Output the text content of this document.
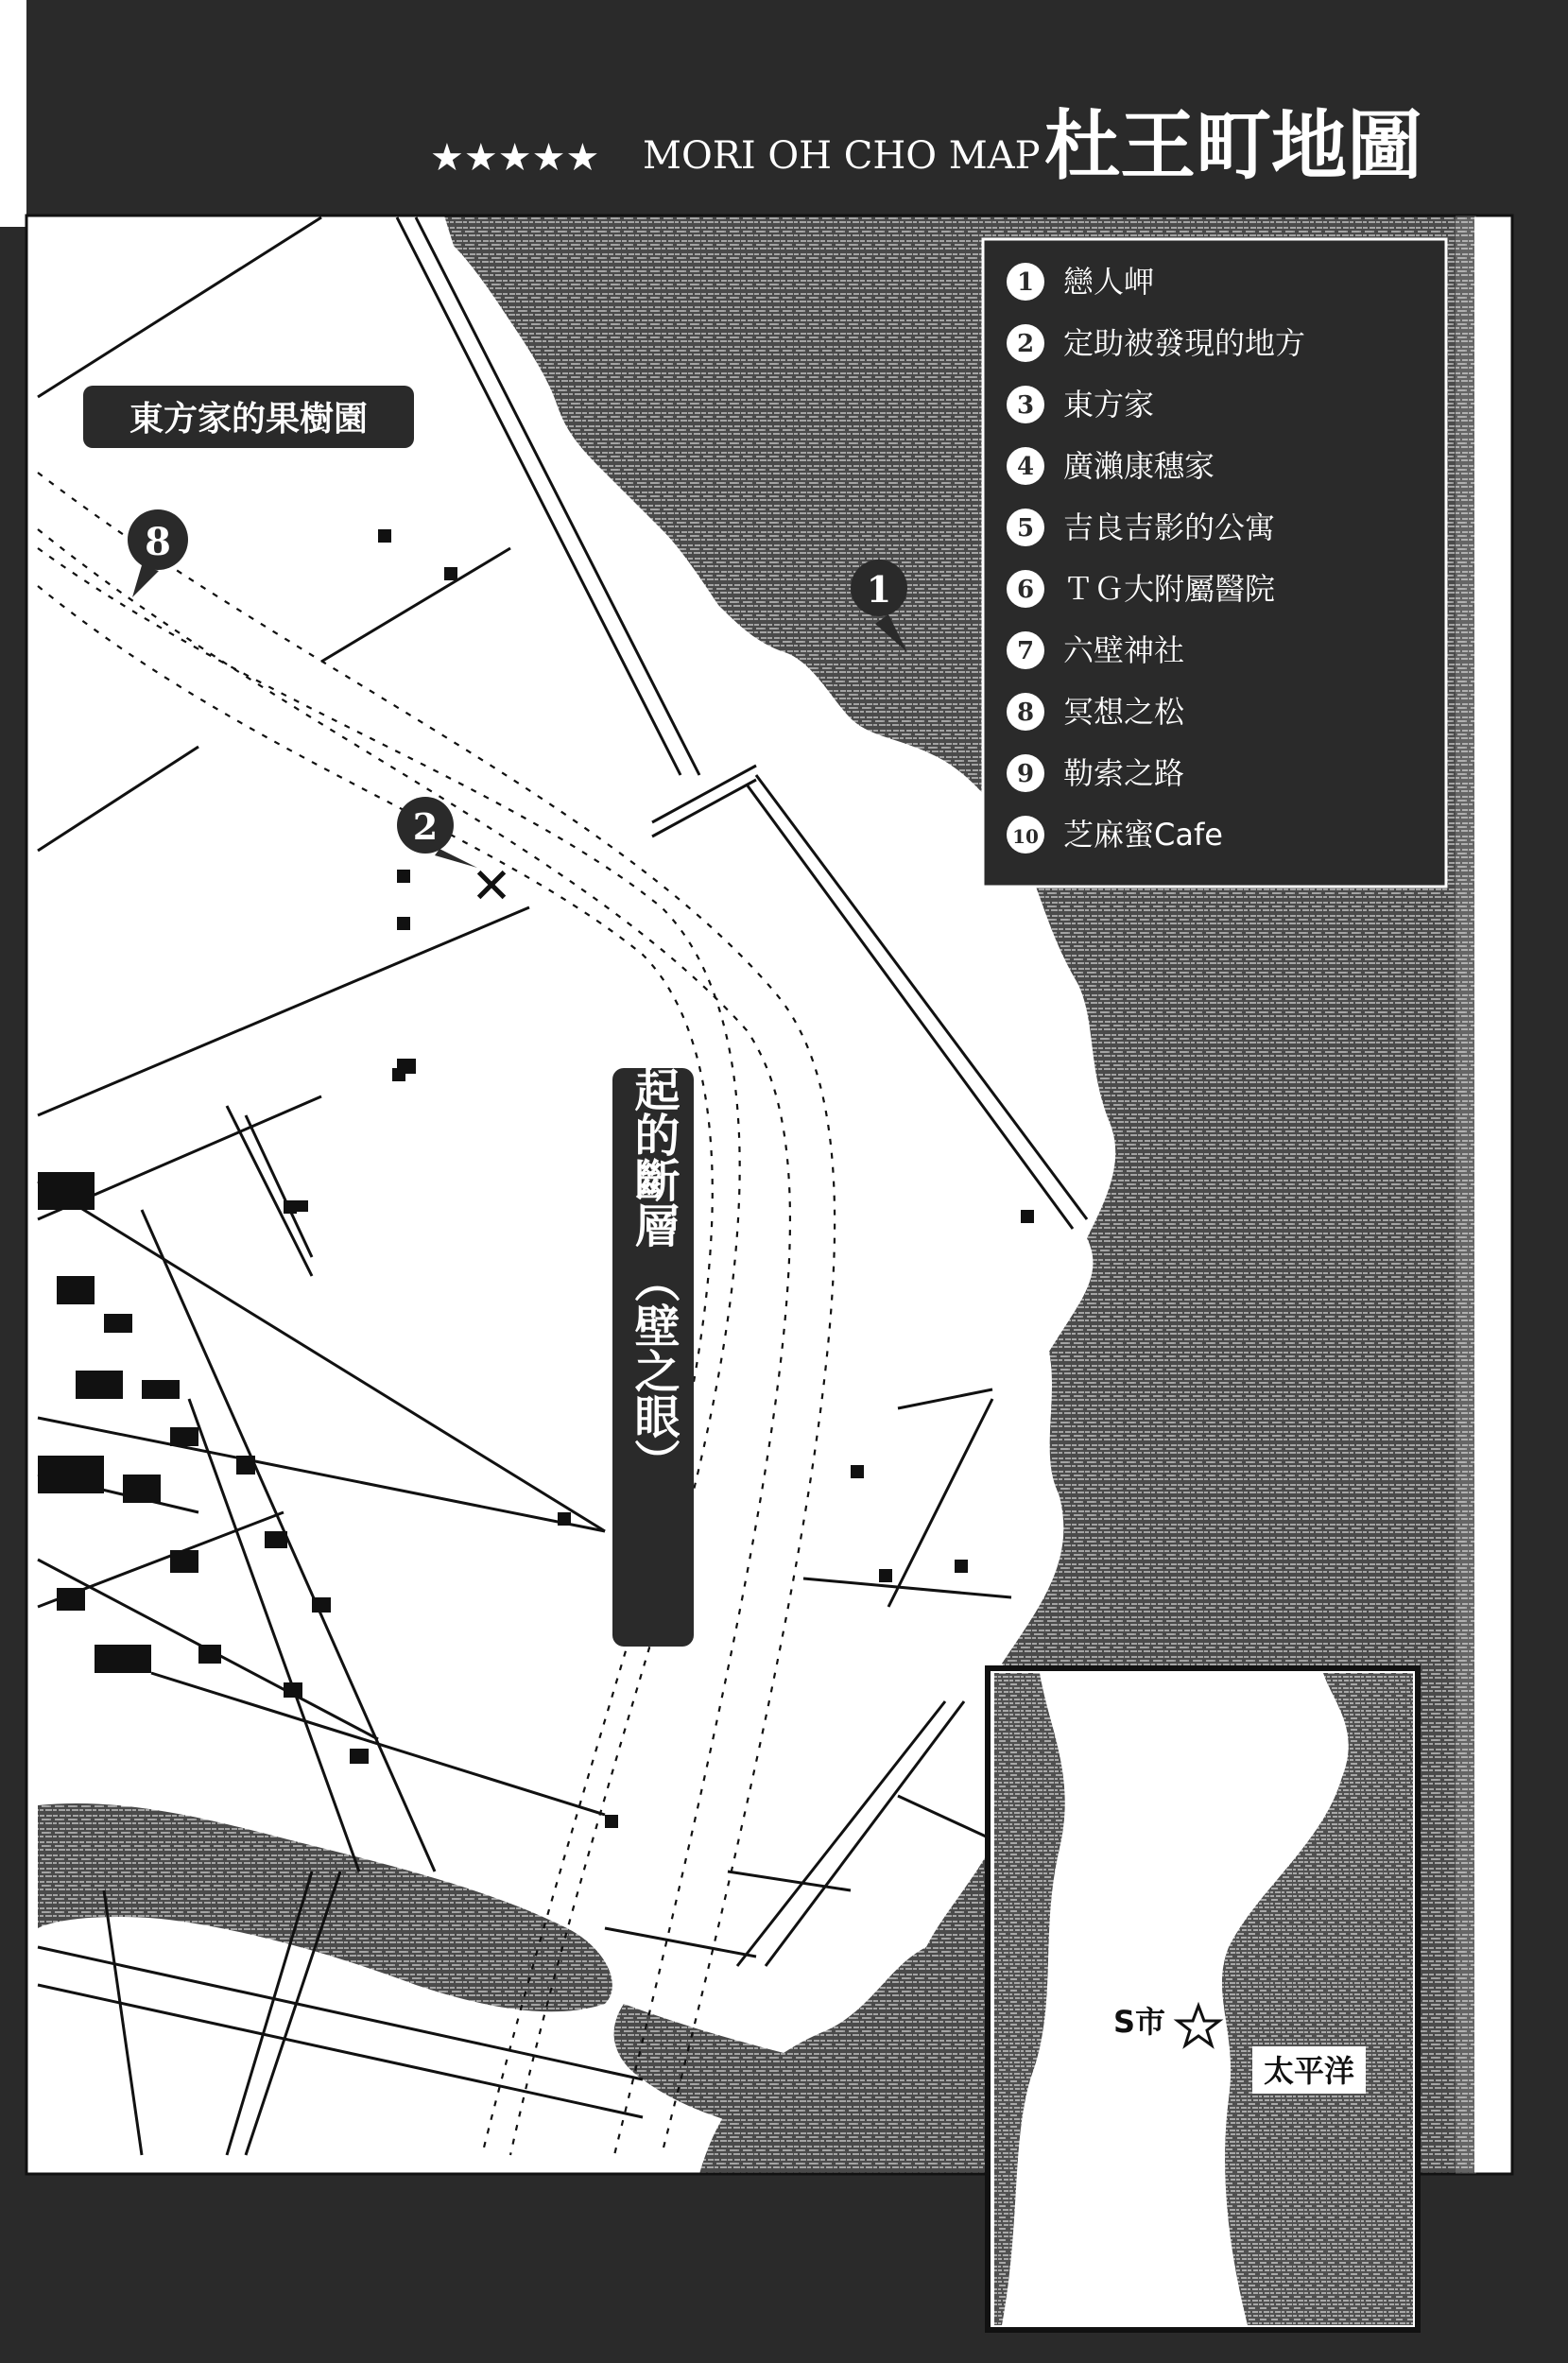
★★★★★ MORI OH CHO MAP 杜王町地圖
1 戀人岬
2 定助被發現的地方
3 東方家
4 廣瀨康穗家
5 吉良吉影的公寓
6 ＴＧ大附屬醫院
7 六壁神社
8 冥想之松
9 勒索之路
10 芝麻蜜Cafe
東方家的果樹園
隆起的斷層
（壁之眼）
1
2
✕
8
S市
太平洋
